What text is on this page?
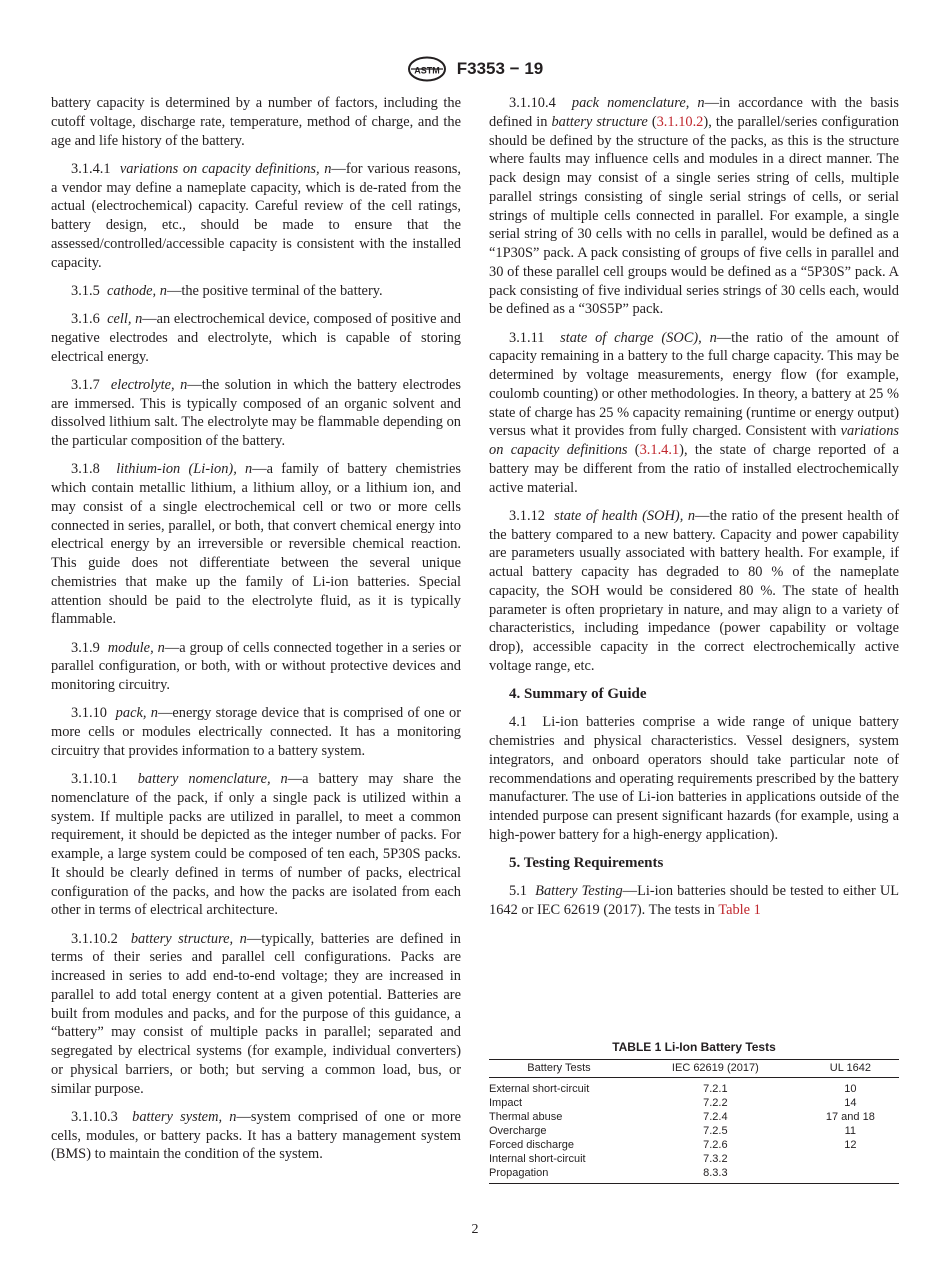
ASTM F3353 − 19

battery capacity is determined by a number of factors, including the cutoff voltage, discharge rate, temperature, method of charge, and the age and life history of the battery.

3.1.4.1 variations on capacity definitions, n—for various reasons, a vendor may define a nameplate capacity, which is de-rated from the actual (electrochemical) capacity. Careful review of the cell ratings, battery design, etc., should be made to ensure that the assessed/controlled/accessible capacity is consistent with the installed capacity.

3.1.5 cathode, n—the positive terminal of the battery.

3.1.6 cell, n—an electrochemical device, composed of positive and negative electrodes and electrolyte, which is capable of storing electrical energy.

3.1.7 electrolyte, n—the solution in which the battery electrodes are immersed. This is typically composed of an organic solvent and dissolved lithium salt. The electrolyte may be flammable depending on the particular composition of the battery.

3.1.8 lithium-ion (Li-ion), n—a family of battery chemistries which contain metallic lithium, a lithium alloy, or a lithium ion, and may consist of a single electrochemical cell or two or more cells connected in series, parallel, or both, that convert chemical energy into electrical energy by an irreversible or reversible chemical reaction. This guide does not differentiate between the several unique chemistries that make up the family of Li-ion batteries. Special attention should be paid to the electrolyte fluid, as it is typically flammable.

3.1.9 module, n—a group of cells connected together in a series or parallel configuration, or both, with or without protective devices and monitoring circuitry.

3.1.10 pack, n—energy storage device that is comprised of one or more cells or modules electrically connected. It has a monitoring circuitry that provides information to a battery system.

3.1.10.1 battery nomenclature, n—a battery may share the nomenclature of the pack, if only a single pack is utilized within a system. If multiple packs are utilized in parallel, to meet a common requirement, it should be depicted as the integer number of packs. For example, a large system could be composed of ten each, 5P30S packs. It should be clearly defined in terms of number of packs, electrical configuration of the packs, and how the packs are isolated from each other in terms of electrical architecture.

3.1.10.2 battery structure, n—typically, batteries are defined in terms of their series and parallel cell configurations. Packs are increased in series to add end-to-end voltage; they are increased in parallel to add total energy content at a given potential. Batteries are built from modules and packs, and for the purpose of this guidance, a “battery” may consist of multiple packs in parallel; separated and segregated by electrical systems (for example, individual converters) or physical barriers, or both; but serving a common load, bus, or similar purpose.

3.1.10.3 battery system, n—system comprised of one or more cells, modules, or battery packs. It has a battery management system (BMS) to maintain the condition of the system.

3.1.10.4 pack nomenclature, n—in accordance with the basis defined in battery structure (3.1.10.2), the parallel/series configuration should be defined by the structure of the packs, as this is the structure where faults may influence cells and modules in a direct manner. The pack design may consist of a single series string of cells, multiple parallel strings consisting of single serial strings of cells, or serial strings of multiple cells connected in parallel. For example, a single serial string of 30 cells with no cells in parallel, would be defined as a “1P30S” pack. A pack consisting of groups of five cells in parallel and 30 of these parallel cell groups would be defined as a “5P30S” pack. A pack consisting of five individual series strings of 30 cells each, would be defined as a “30S5P” pack.

3.1.11 state of charge (SOC), n—the ratio of the amount of capacity remaining in a battery to the full charge capacity. This may be determined by voltage measurements, energy flow (for example, coulomb counting) or other methodologies. In theory, a battery at 25 % state of charge has 25 % capacity remaining (runtime or energy output) versus what it provides from fully charged. Consistent with variations on capacity definitions (3.1.4.1), the state of charge reported of a battery may be different from the ratio of installed electrochemically active material.

3.1.12 state of health (SOH), n—the ratio of the present health of the battery compared to a new battery. Capacity and power capability are parameters usually associated with battery health. For example, if actual battery capacity has degraded to 80 % of the nameplate capacity, the SOH would be considered 80 %. The state of health parameter is often proprietary in nature, and may align to a variety of characteristics, including impedance (power capability or voltage drop), accessible capacity in the correct electrochemically active voltage range, etc.

4. Summary of Guide

4.1 Li-ion batteries comprise a wide range of unique battery chemistries and physical characteristics. Vessel designers, system integrators, and onboard operators should take particular note of recommendations and operating requirements prescribed by the battery manufacturer. The use of Li-ion batteries in applications outside of the intended purpose can present significant hazards (for example, using a high-power battery for a high-energy application).

5. Testing Requirements

5.1 Battery Testing—Li-ion batteries should be tested to either UL 1642 or IEC 62619 (2017). The tests in Table 1

TABLE 1 Li-Ion Battery Tests
Battery Tests	IEC 62619 (2017)	UL 1642
External short-circuit	7.2.1	10
Impact	7.2.2	14
Thermal abuse	7.2.4	17 and 18
Overcharge	7.2.5	11
Forced discharge	7.2.6	12
Internal short-circuit	7.3.2	
Propagation	8.3.3	
2
